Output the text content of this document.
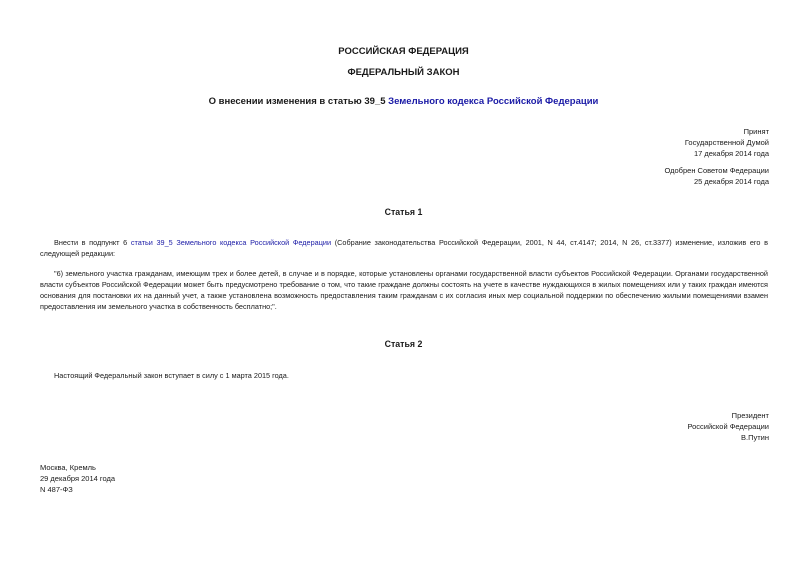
РОССИЙСКАЯ ФЕДЕРАЦИЯ
ФЕДЕРАЛЬНЫЙ ЗАКОН
О внесении изменения в статью 39_5 Земельного кодекса Российской Федерации
Принят
Государственной Думой
17 декабря 2014 года
Одобрен Советом Федерации
25 декабря 2014 года
Статья 1
Внести в подпункт 6 статьи 39_5 Земельного кодекса Российской Федерации (Собрание законодательства Российской Федерации, 2001, N 44, ст.4147; 2014, N 26, ст.3377) изменение, изложив его в следующей редакции:
"6) земельного участка гражданам, имеющим трех и более детей, в случае и в порядке, которые установлены органами государственной власти субъектов Российской Федерации. Органами государственной власти субъектов Российской Федерации может быть предусмотрено требование о том, что такие граждане должны состоять на учете в качестве нуждающихся в жилых помещениях или у таких граждан имеются основания для постановки их на данный учет, а также установлена возможность предоставления таким гражданам с их согласия иных мер социальной поддержки по обеспечению жилыми помещениями взамен предоставления им земельного участка в собственность бесплатно;".
Статья 2
Настоящий Федеральный закон вступает в силу с 1 марта 2015 года.
Президент
Российской Федерации
В.Путин
Москва, Кремль
29 декабря 2014 года
N 487-ФЗ
